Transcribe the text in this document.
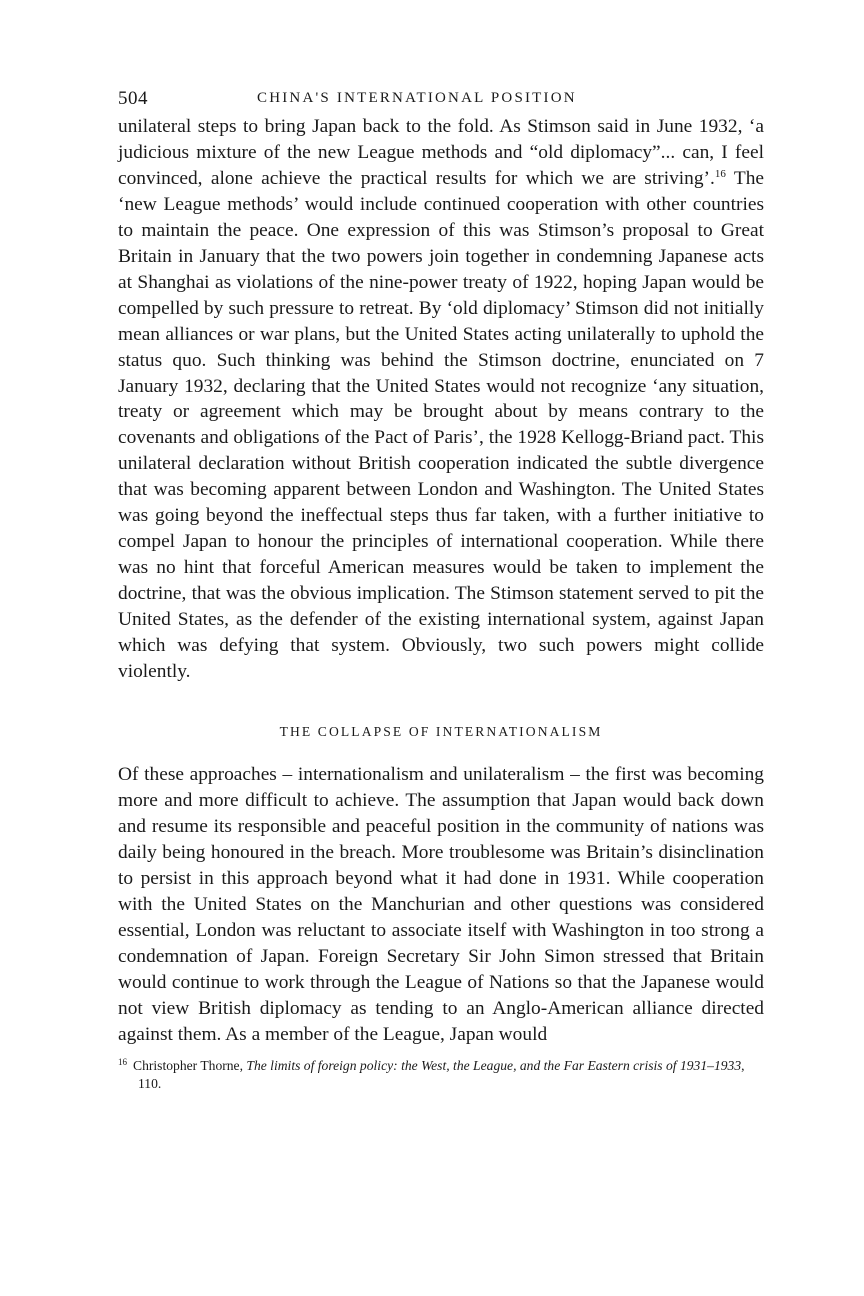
504	CHINA'S INTERNATIONAL POSITION

unilateral steps to bring Japan back to the fold. As Stimson said in June 1932, ‘a judicious mixture of the new League methods and “old diplomacy”... can, I feel convinced, alone achieve the practical results for which we are striving’.$^{16}$ The ‘new League methods’ would include continued cooperation with other countries to maintain the peace. One expression of this was Stimson’s proposal to Great Britain in January that the two powers join together in condemning Japanese acts at Shanghai as violations of the nine-power treaty of 1922, hoping Japan would be compelled by such pressure to retreat. By ‘old diplomacy’ Stimson did not initially mean alliances or war plans, but the United States acting unilaterally to uphold the status quo. Such thinking was behind the Stimson doctrine, enunciated on 7 January 1932, declaring that the United States would not recognize ‘any situation, treaty or agreement which may be brought about by means contrary to the covenants and obligations of the Pact of Paris’, the 1928 Kellogg-Briand pact. This unilateral declaration without British cooperation indicated the subtle divergence that was becoming apparent between London and Washington. The United States was going beyond the ineffectual steps thus far taken, with a further initiative to compel Japan to honour the principles of international cooperation. While there was no hint that forceful American measures would be taken to implement the doctrine, that was the obvious implication. The Stimson statement served to pit the United States, as the defender of the existing international system, against Japan which was defying that system. Obviously, two such powers might collide violently.

THE COLLAPSE OF INTERNATIONALISM

Of these approaches – internationalism and unilateralism – the first was becoming more and more difficult to achieve. The assumption that Japan would back down and resume its responsible and peaceful position in the community of nations was daily being honoured in the breach. More troublesome was Britain’s disinclination to persist in this approach beyond what it had done in 1931. While cooperation with the United States on the Manchurian and other questions was considered essential, London was reluctant to associate itself with Washington in too strong a condemnation of Japan. Foreign Secretary Sir John Simon stressed that Britain would continue to work through the League of Nations so that the Japanese would not view British diplomacy as tending to an Anglo-American alliance directed against them. As a member of the League, Japan would

$^{16}$ Christopher Thorne, The limits of foreign policy: the West, the League, and the Far Eastern crisis of 1931–1933, 110.
